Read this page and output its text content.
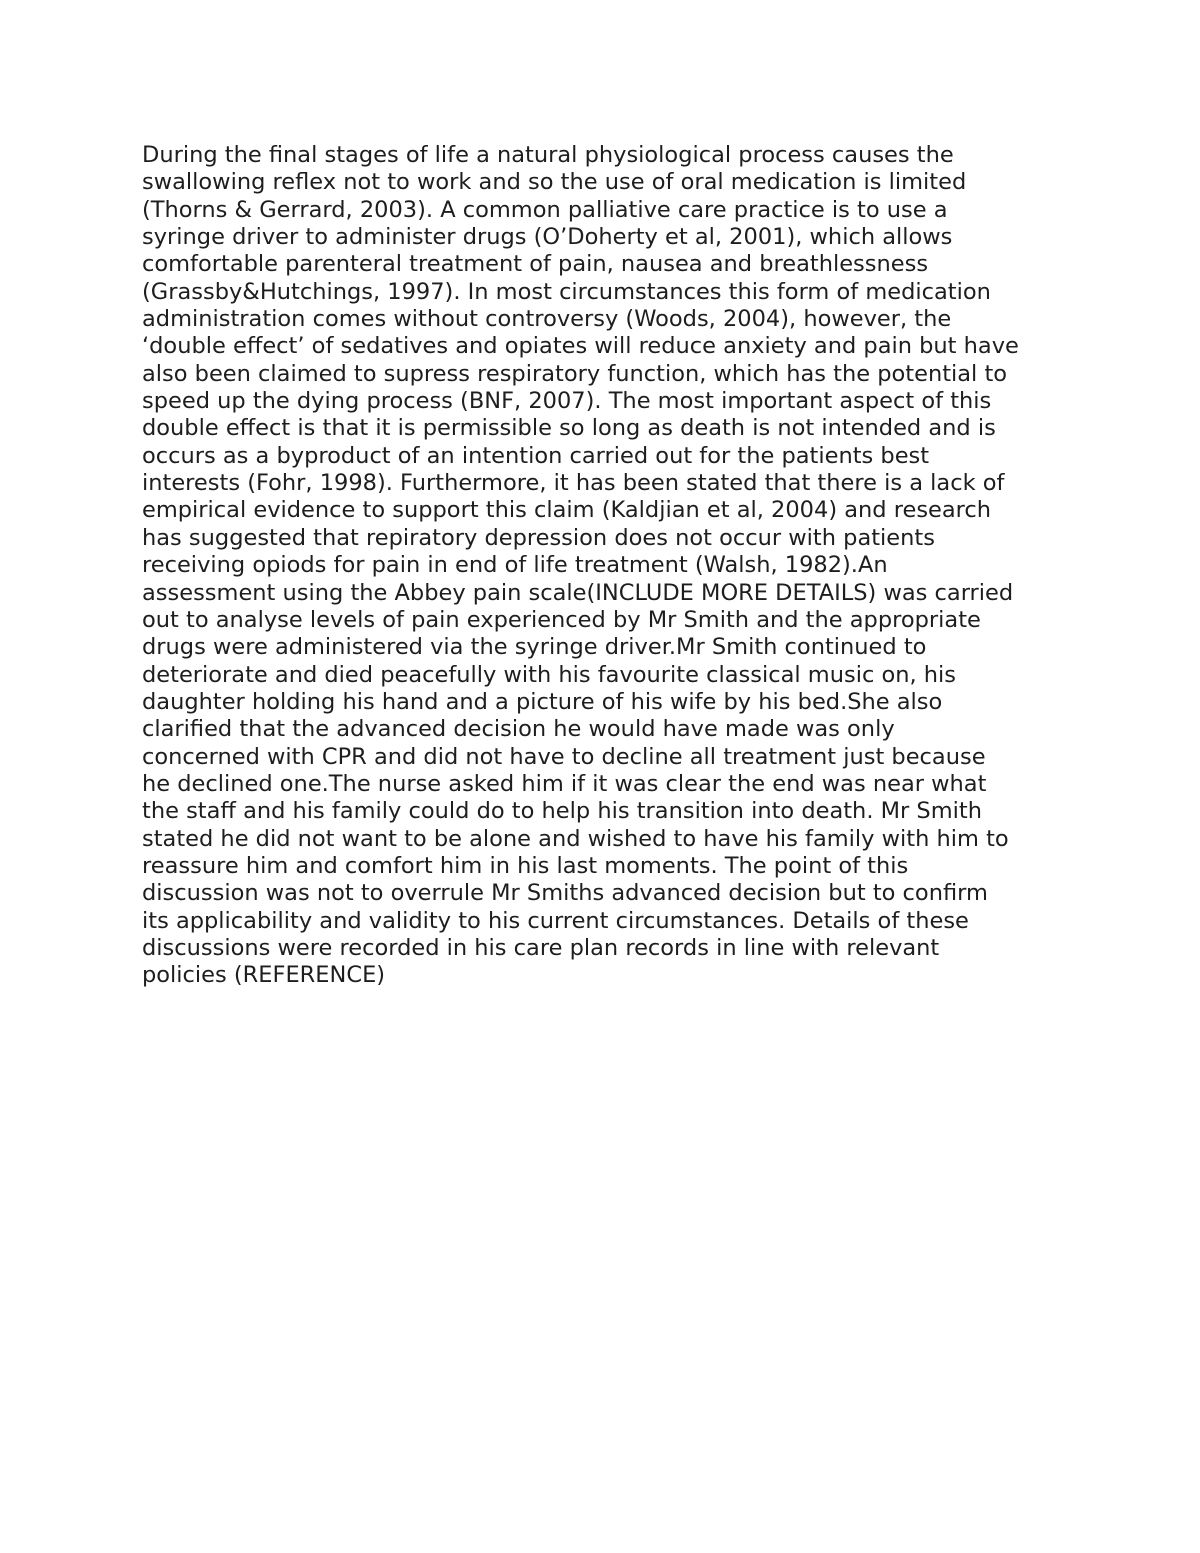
During the final stages of life a natural physiological process causes the
swallowing reflex not to work and so the use of oral medication is limited
(Thorns & Gerrard, 2003). A common palliative care practice is to use a
syringe driver to administer drugs (O’Doherty et al, 2001), which allows
comfortable parenteral treatment of pain, nausea and breathlessness
(Grassby&Hutchings, 1997). In most circumstances this form of medication
administration comes without controversy (Woods, 2004), however, the
‘double effect’ of sedatives and opiates will reduce anxiety and pain but have
also been claimed to supress respiratory function, which has the potential to
speed up the dying process (BNF, 2007). The most important aspect of this
double effect is that it is permissible so long as death is not intended and is
occurs as a byproduct of an intention carried out for the patients best
interests (Fohr, 1998). Furthermore, it has been stated that there is a lack of
empirical evidence to support this claim (Kaldjian et al, 2004) and research
has suggested that repiratory depression does not occur with patients
receiving opiods for pain in end of life treatment (Walsh, 1982).An
assessment using the Abbey pain scale(INCLUDE MORE DETAILS) was carried
out to analyse levels of pain experienced by Mr Smith and the appropriate
drugs were administered via the syringe driver.Mr Smith continued to
deteriorate and died peacefully with his favourite classical music on, his
daughter holding his hand and a picture of his wife by his bed.She also
clarified that the advanced decision he would have made was only
concerned with CPR and did not have to decline all treatment just because
he declined one.The nurse asked him if it was clear the end was near what
the staff and his family could do to help his transition into death. Mr Smith
stated he did not want to be alone and wished to have his family with him to
reassure him and comfort him in his last moments. The point of this
discussion was not to overrule Mr Smiths advanced decision but to confirm
its applicability and validity to his current circumstances. Details of these
discussions were recorded in his care plan records in line with relevant
policies (REFERENCE)
